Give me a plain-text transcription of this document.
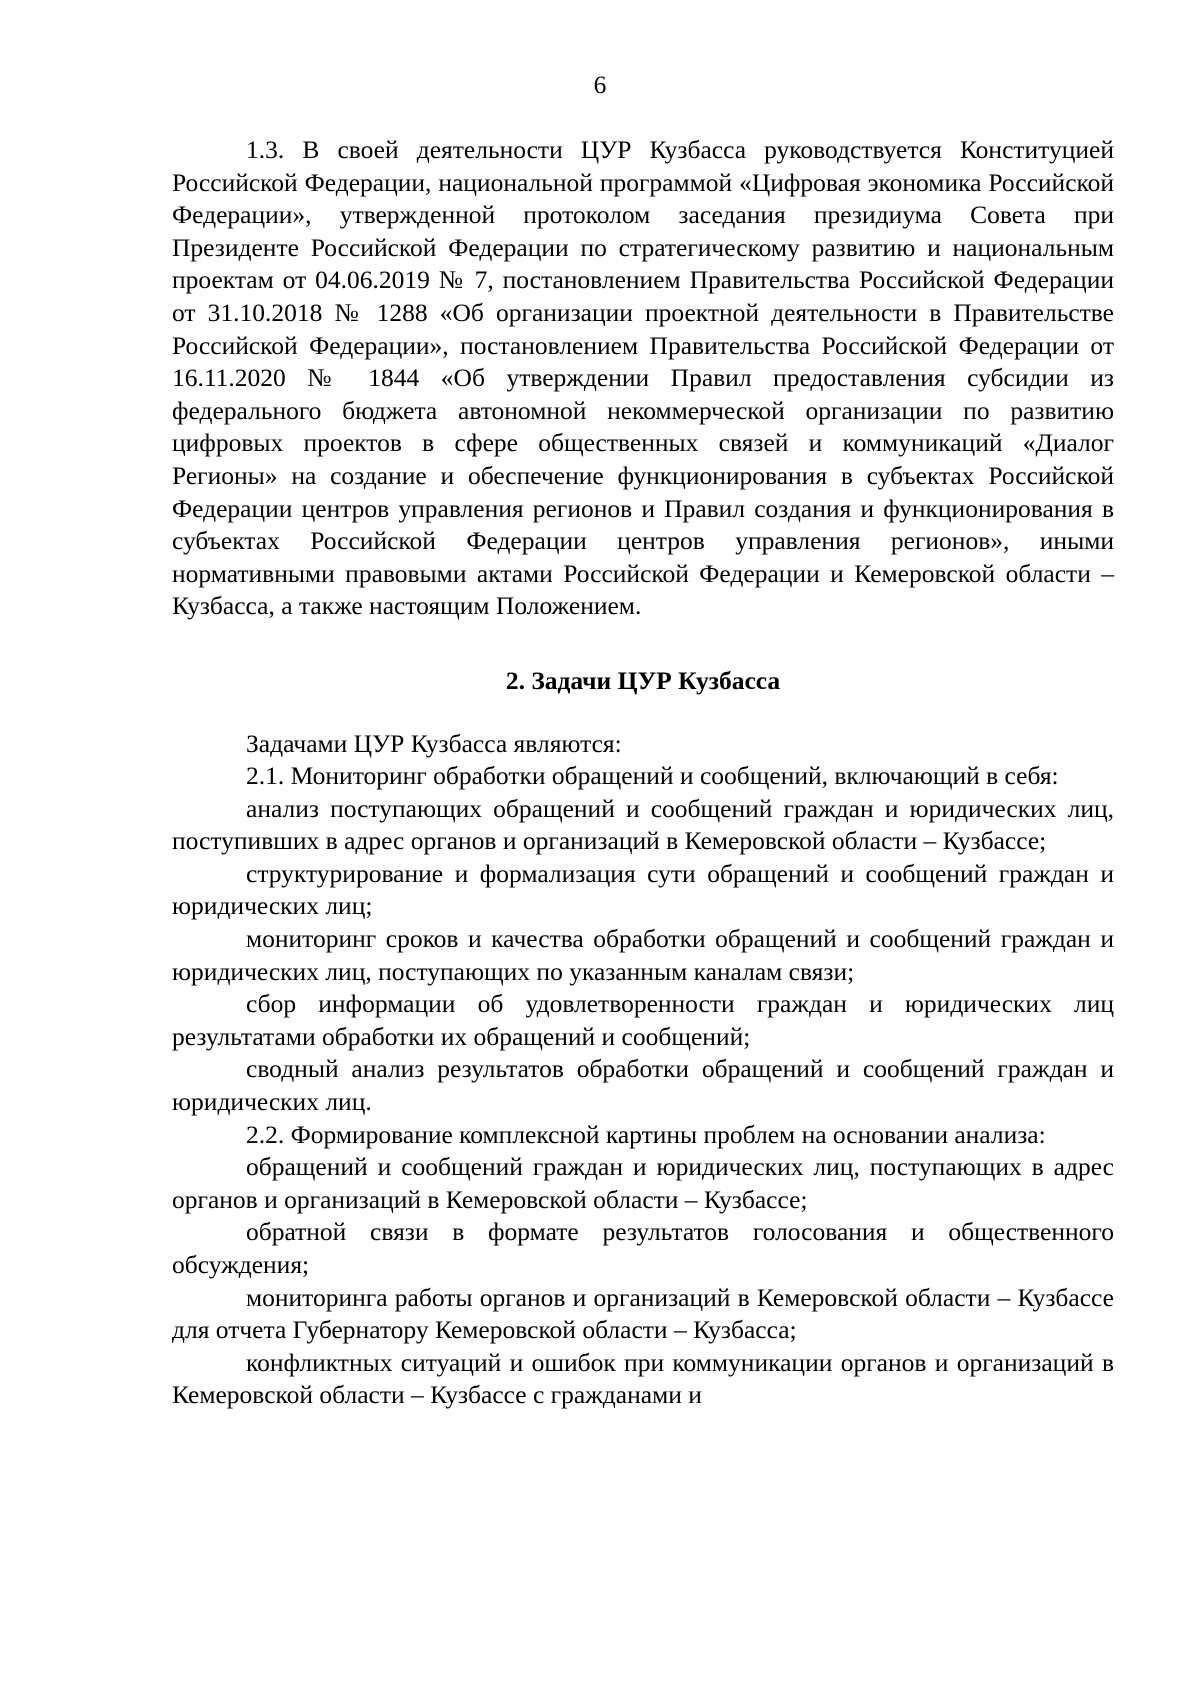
6

1.3. В своей деятельности ЦУР Кузбасса руководствуется Конституцией Российской Федерации, национальной программой «Цифровая экономика Российской Федерации», утвержденной протоколом заседания президиума Совета при Президенте Российской Федерации по стратегическому развитию и национальным проектам от 04.06.2019 № 7, постановлением Правительства Российской Федерации от 31.10.2018 № 1288 «Об организации проектной деятельности в Правительстве Российской Федерации», постановлением Правительства Российской Федерации от 16.11.2020 № 1844 «Об утверждении Правил предоставления субсидии из федерального бюджета автономной некоммерческой организации по развитию цифровых проектов в сфере общественных связей и коммуникаций «Диалог Регионы» на создание и обеспечение функционирования в субъектах Российской Федерации центров управления регионов и Правил создания и функционирования в субъектах Российской Федерации центров управления регионов», иными нормативными правовыми актами Российской Федерации и Кемеровской области – Кузбасса, а также настоящим Положением.

2. Задачи ЦУР Кузбасса

Задачами ЦУР Кузбасса являются:

2.1. Мониторинг обработки обращений и сообщений, включающий в себя:

анализ поступающих обращений и сообщений граждан и юридических лиц, поступивших в адрес органов и организаций в Кемеровской области – Кузбассе;

структурирование и формализация сути обращений и сообщений граждан и юридических лиц;

мониторинг сроков и качества обработки обращений и сообщений граждан и юридических лиц, поступающих по указанным каналам связи;

сбор информации об удовлетворенности граждан и юридических лиц результатами обработки их обращений и сообщений;

сводный анализ результатов обработки обращений и сообщений граждан и юридических лиц.

2.2. Формирование комплексной картины проблем на основании анализа:

обращений и сообщений граждан и юридических лиц, поступающих в адрес органов и организаций в Кемеровской области – Кузбассе;

обратной связи в формате результатов голосования и общественного обсуждения;

мониторинга работы органов и организаций в Кемеровской области – Кузбассе для отчета Губернатору Кемеровской области – Кузбасса;

конфликтных ситуаций и ошибок при коммуникации органов и организаций в Кемеровской области – Кузбассе с гражданами и
